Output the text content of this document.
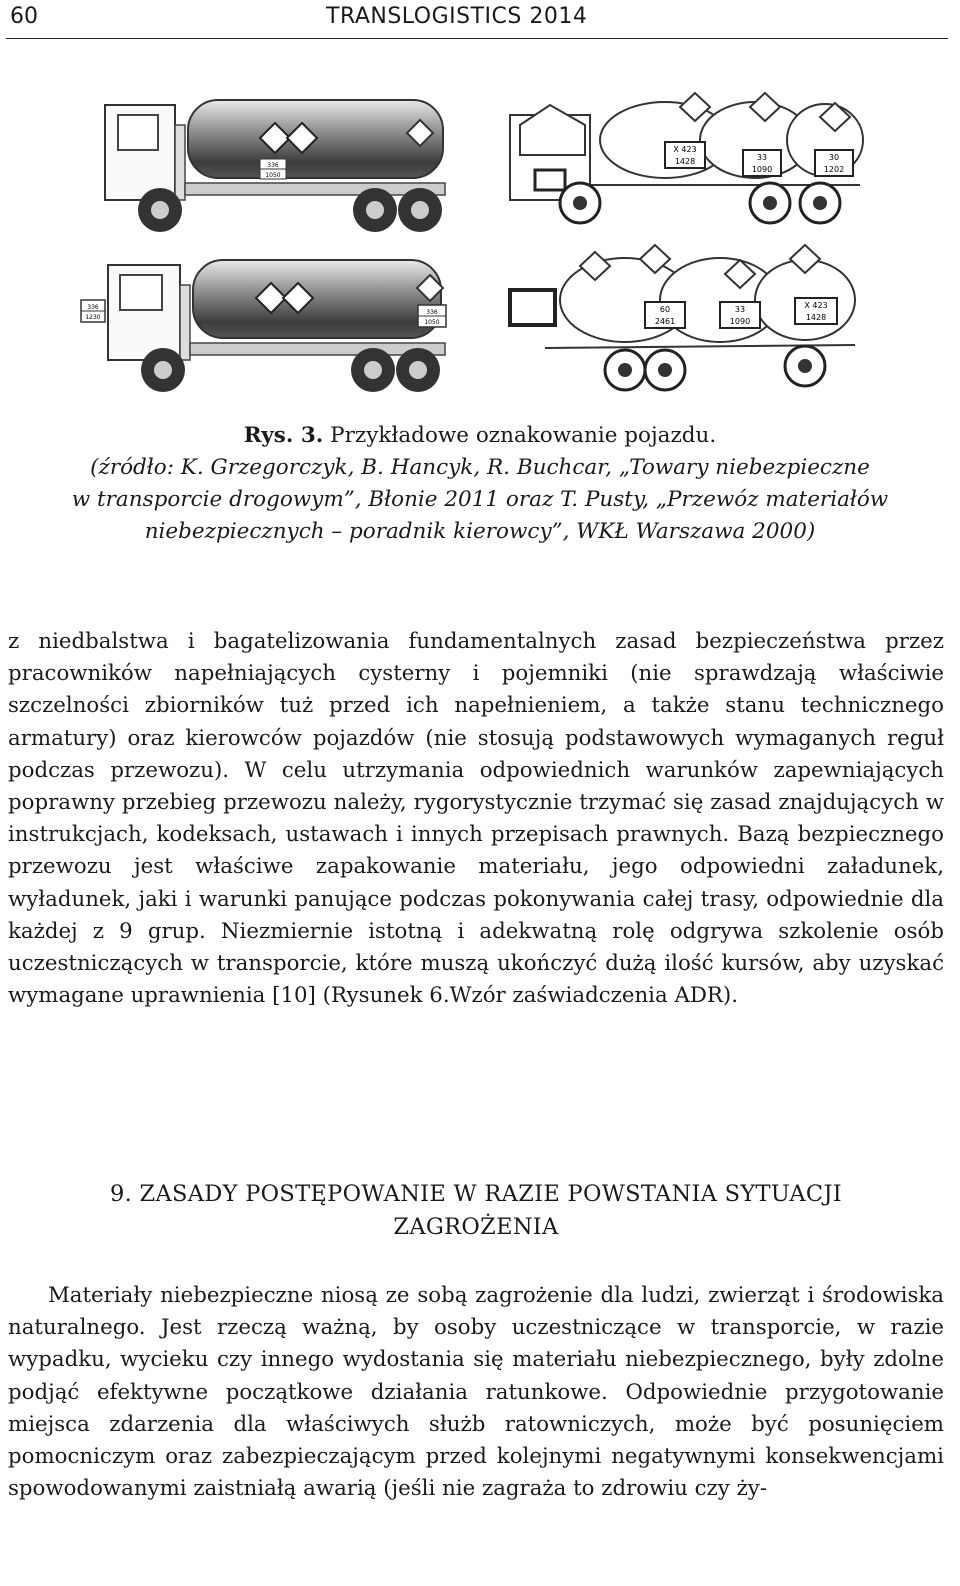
60	TRANSLOGISTICS 2014
336
1050
X 423
1428	33
1090
30
1202
336
1230
336
1050
60
2461
33
1090
X 423
1428
Rys. 3. Przykładowe oznakowanie pojazdu.
(źródło: K. Grzegorczyk, B. Hancyk, R. Buchcar, „Towary niebezpieczne
w transporcie drogowym”, Błonie 2011 oraz T. Pusty, „Przewóz materiałów
niebezpiecznych – poradnik kierowcy”, WKŁ Warszawa 2000)

z niedbalstwa i bagatelizowania fundamentalnych zasad bezpieczeństwa przez pracowników napełniających cysterny i pojemniki (nie sprawdzają właściwie szczelności zbiorników tuż przed ich napełnieniem, a także stanu technicznego armatury) oraz kierowców pojazdów (nie stosują podstawowych wymaganych reguł podczas przewozu). W celu utrzymania odpowiednich warunków zapewniających poprawny przebieg przewozu należy, rygorystycznie trzymać się zasad znajdujących w instrukcjach, kodeksach, ustawach i innych przepisach prawnych. Bazą bezpiecznego przewozu jest właściwe zapakowanie materiału, jego odpowiedni załadunek, wyładunek, jaki i warunki panujące podczas pokonywania całej trasy, odpowiednie dla każdej z 9 grup. Niezmiernie istotną i adekwatną rolę odgrywa szkolenie osób uczestniczących w transporcie, które muszą ukończyć dużą ilość kursów, aby uzyskać wymagane uprawnienia [10] (Rysunek 6.Wzór zaświadczenia ADR).

9. ZASADY POSTĘPOWANIE W RAZIE POWSTANIA SYTUACJI
ZAGROŻENIA

Materiały niebezpieczne niosą ze sobą zagrożenie dla ludzi, zwierząt i środowiska naturalnego. Jest rzeczą ważną, by osoby uczestniczące w transporcie, w razie wypadku, wycieku czy innego wydostania się materiału niebezpiecznego, były zdolne podjąć efektywne początkowe działania ratunkowe. Odpowiednie przygotowanie miejsca zdarzenia dla właściwych służb ratowniczych, może być posunięciem pomocniczym oraz zabezpieczającym przed kolejnymi negatywnymi konsekwencjami spowodowanymi zaistniałą awarią (jeśli nie zagraża to zdrowiu czy ży-
